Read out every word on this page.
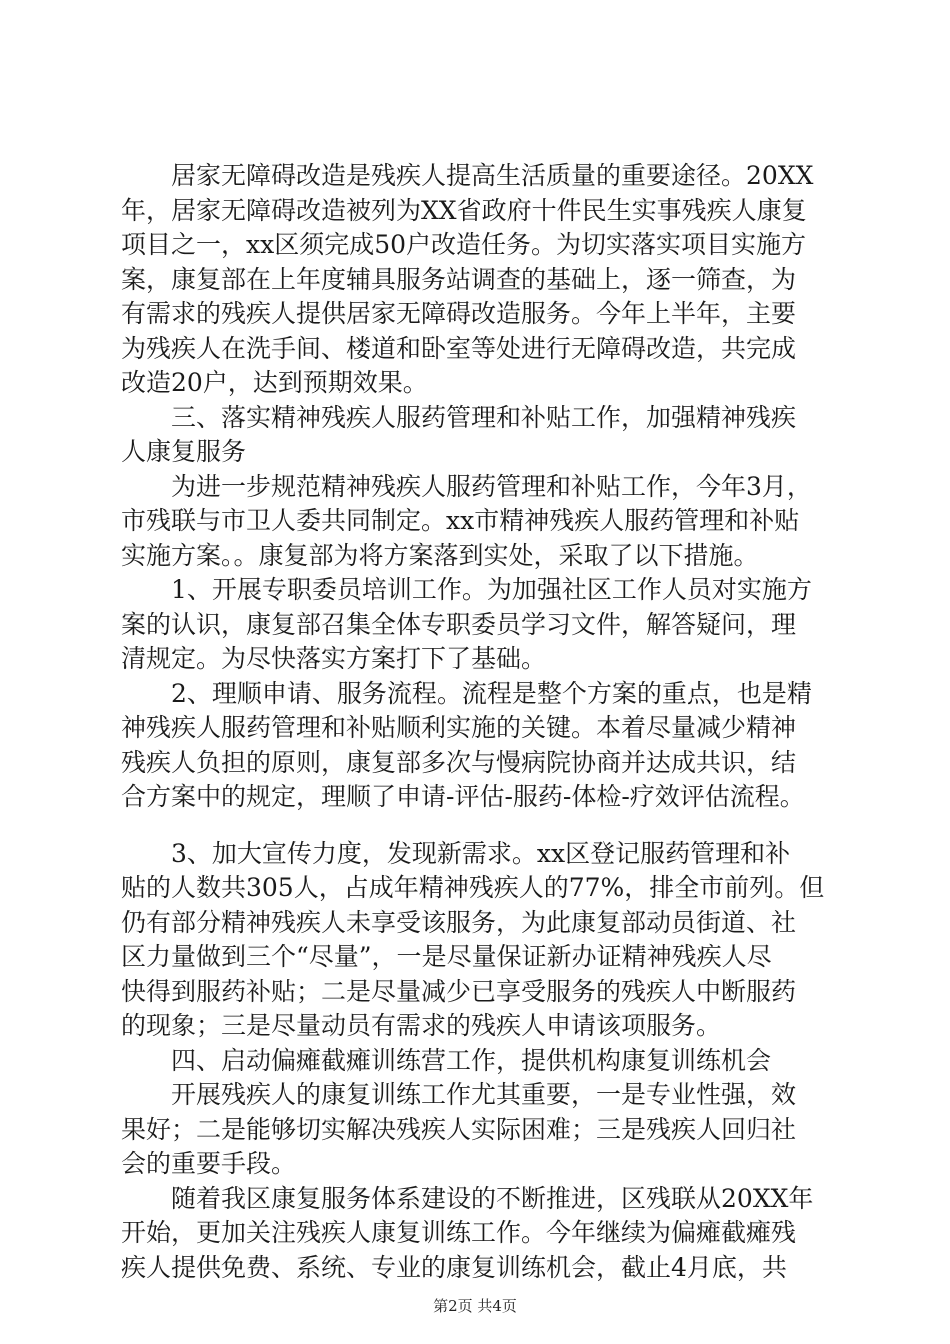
　　居家无障碍改造是残疾人提高生活质量的重要途径。20XX
年，居家无障碍改造被列为XX省政府十件民生实事残疾人康复
项目之一，xx区须完成50户改造任务。为切实落实项目实施方
案，康复部在上年度辅具服务站调查的基础上，逐一筛查，为
有需求的残疾人提供居家无障碍改造服务。今年上半年，主要
为残疾人在洗手间、楼道和卧室等处进行无障碍改造，共完成
改造20户，达到预期效果。
　　三、落实精神残疾人服药管理和补贴工作，加强精神残疾
人康复服务
　　为进一步规范精神残疾人服药管理和补贴工作，今年3月，
市残联与市卫人委共同制定。xx市精神残疾人服药管理和补贴
实施方案。。康复部为将方案落到实处，采取了以下措施。
　　1、开展专职委员培训工作。为加强社区工作人员对实施方
案的认识，康复部召集全体专职委员学习文件，解答疑问，理
清规定。为尽快落实方案打下了基础。
　　2、理顺申请、服务流程。流程是整个方案的重点，也是精
神残疾人服药管理和补贴顺利实施的关键。本着尽量减少精神
残疾人负担的原则，康复部多次与慢病院协商并达成共识，结
合方案中的规定，理顺了申请-评估-服药-体检-疗效评估流程。
　　3、加大宣传力度，发现新需求。xx区登记服药管理和补
贴的人数共305人，占成年精神残疾人的77%，排全市前列。但
仍有部分精神残疾人未享受该服务，为此康复部动员街道、社
区力量做到三个“尽量”，一是尽量保证新办证精神残疾人尽
快得到服药补贴；二是尽量减少已享受服务的残疾人中断服药
的现象；三是尽量动员有需求的残疾人申请该项服务。
　　四、启动偏瘫截瘫训练营工作，提供机构康复训练机会
　　开展残疾人的康复训练工作尤其重要，一是专业性强，效
果好；二是能够切实解决残疾人实际困难；三是残疾人回归社
会的重要手段。
　　随着我区康复服务体系建设的不断推进，区残联从20XX年
开始，更加关注残疾人康复训练工作。今年继续为偏瘫截瘫残
疾人提供免费、系统、专业的康复训练机会，截止4月底，共
第2页 共4页
